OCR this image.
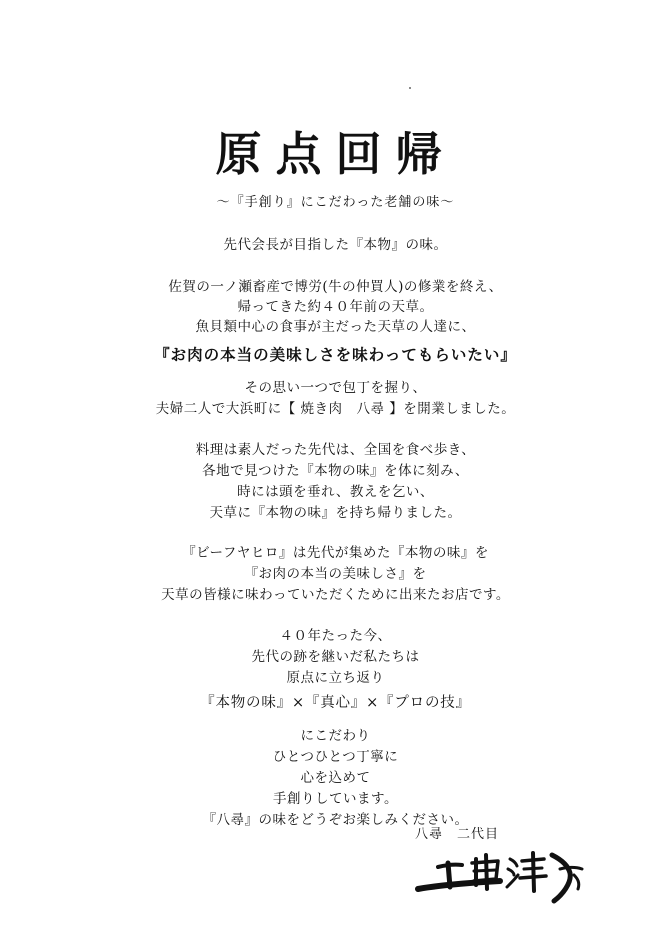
原点回帰
〜『手創り』にこだわった老舗の味〜
先代会長が目指した『本物』の味。
佐賀の一ノ瀬畜産で博労(牛の仲買人)の修業を終え、
帰ってきた約４０年前の天草。
魚貝類中心の食事が主だった天草の人達に、
『お肉の本当の美味しさを味わってもらいたい』
その思い一つで包丁を握り、
夫婦二人で大浜町に【 焼き肉　八尋 】を開業しました。
料理は素人だった先代は、全国を食べ歩き、
各地で見つけた『本物の味』を体に刻み、
時には頭を垂れ、教えを乞い、
天草に『本物の味』を持ち帰りました。
『ビーフヤヒロ』は先代が集めた『本物の味』を
『お肉の本当の美味しさ』を
天草の皆様に味わっていただくために出来たお店です。
４０年たった今、
先代の跡を継いだ私たちは
原点に立ち返り
『本物の味』×『真心』×『プロの技』
にこだわり
ひとつひとつ丁寧に
心を込めて
手創りしています。
『八尋』の味をどうぞお楽しみください。
八尋　二代目
